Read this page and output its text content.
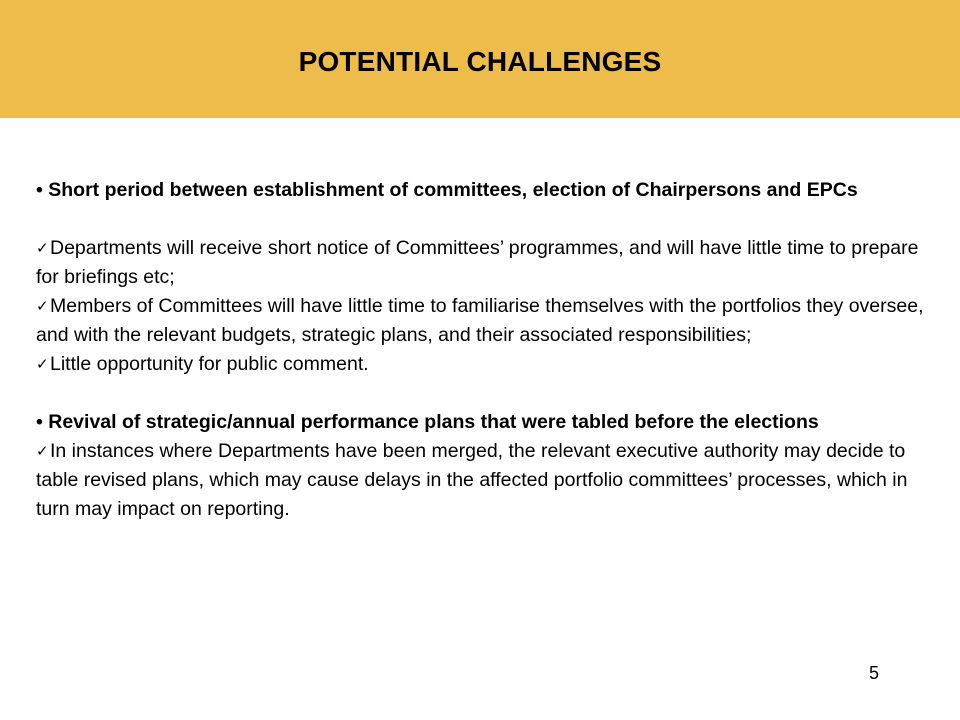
POTENTIAL CHALLENGES
• Short period between establishment of committees, election of Chairpersons and EPCs
✓Departments will receive short notice of Committees’ programmes, and will have little time to prepare for briefings etc;
✓Members of Committees will have little time to familiarise themselves with the portfolios they oversee, and with the relevant budgets, strategic plans, and their associated responsibilities;
✓Little opportunity for public comment.
• Revival of strategic/annual performance plans that were tabled before the elections
✓In instances where Departments have been merged, the relevant executive authority may decide to table revised plans, which may cause delays in the affected portfolio committees’ processes, which in turn may impact on reporting.
5
